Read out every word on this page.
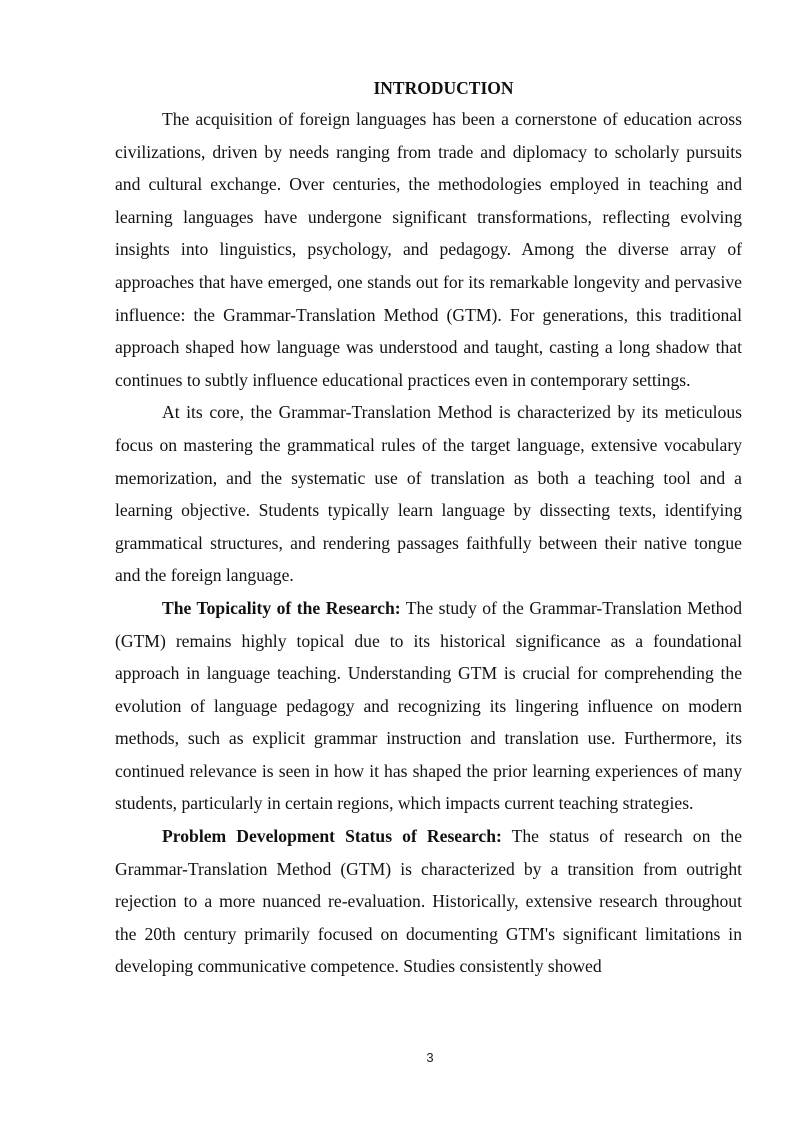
INTRODUCTION

The acquisition of foreign languages has been a cornerstone of education across civilizations, driven by needs ranging from trade and diplomacy to scholarly pursuits and cultural exchange. Over centuries, the methodologies employed in teaching and learning languages have undergone significant transformations, reflecting evolving insights into linguistics, psychology, and pedagogy. Among the diverse array of approaches that have emerged, one stands out for its remarkable longevity and pervasive influence: the Grammar-Translation Method (GTM). For generations, this traditional approach shaped how language was understood and taught, casting a long shadow that continues to subtly influence educational practices even in contemporary settings.

At its core, the Grammar-Translation Method is characterized by its meticulous focus on mastering the grammatical rules of the target language, extensive vocabulary memorization, and the systematic use of translation as both a teaching tool and a learning objective. Students typically learn language by dissecting texts, identifying grammatical structures, and rendering passages faithfully between their native tongue and the foreign language.

The Topicality of the Research: The study of the Grammar-Translation Method (GTM) remains highly topical due to its historical significance as a foundational approach in language teaching. Understanding GTM is crucial for comprehending the evolution of language pedagogy and recognizing its lingering influence on modern methods, such as explicit grammar instruction and translation use. Furthermore, its continued relevance is seen in how it has shaped the prior learning experiences of many students, particularly in certain regions, which impacts current teaching strategies.

Problem Development Status of Research: The status of research on the Grammar-Translation Method (GTM) is characterized by a transition from outright rejection to a more nuanced re-evaluation. Historically, extensive research throughout the 20th century primarily focused on documenting GTM's significant limitations in developing communicative competence. Studies consistently showed

3
